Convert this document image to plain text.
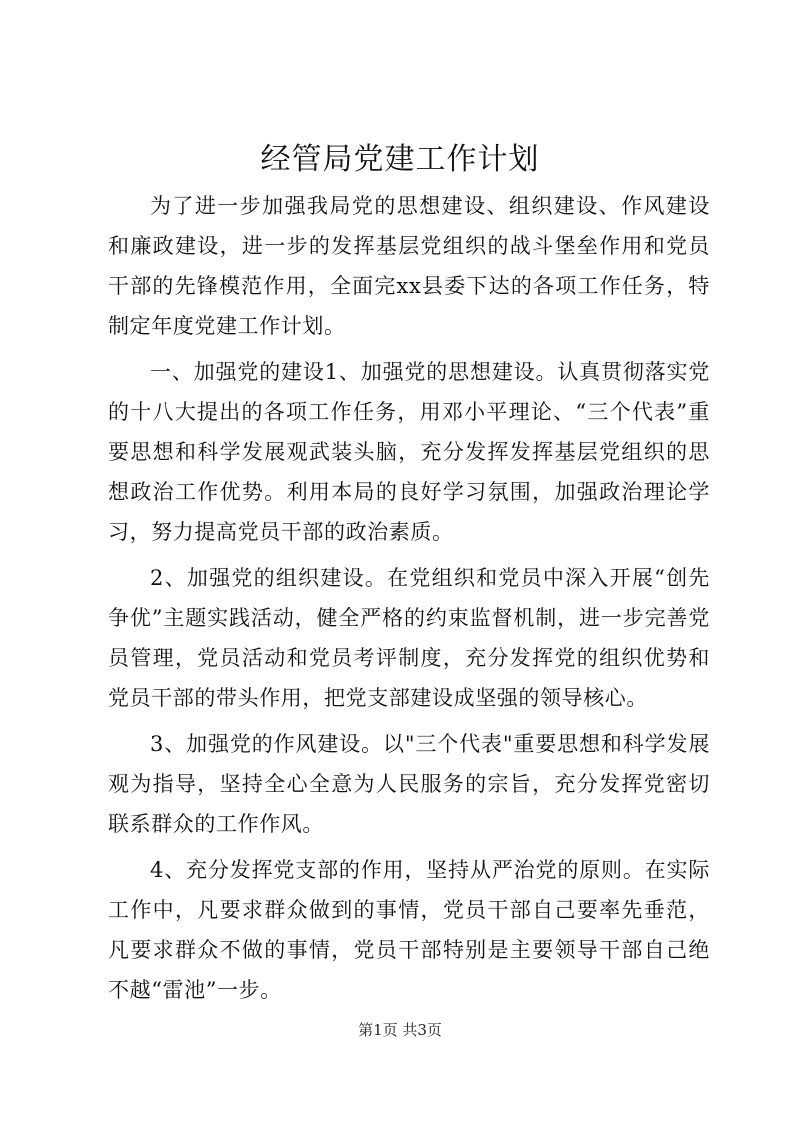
经管局党建工作计划

为了进一步加强我局党的思想建设、组织建设、作风建设和廉政建设，进一步的发挥基层党组织的战斗堡垒作用和党员干部的先锋模范作用，全面完xx县委下达的各项工作任务，特制定年度党建工作计划。

一、加强党的建设1、加强党的思想建设。认真贯彻落实党的十八大提出的各项工作任务，用邓小平理论、“三个代表”重要思想和科学发展观武装头脑，充分发挥发挥基层党组织的思想政治工作优势。利用本局的良好学习氛围，加强政治理论学习，努力提高党员干部的政治素质。

2、加强党的组织建设。在党组织和党员中深入开展“创先争优”主题实践活动，健全严格的约束监督机制，进一步完善党员管理，党员活动和党员考评制度，充分发挥党的组织优势和党员干部的带头作用，把党支部建设成坚强的领导核心。

3、加强党的作风建设。以"三个代表"重要思想和科学发展观为指导，坚持全心全意为人民服务的宗旨，充分发挥党密切联系群众的工作作风。

4、充分发挥党支部的作用，坚持从严治党的原则。在实际工作中，凡要求群众做到的事情，党员干部自己要率先垂范，凡要求群众不做的事情，党员干部特别是主要领导干部自己绝不越“雷池”一步。

第1页 共3页
